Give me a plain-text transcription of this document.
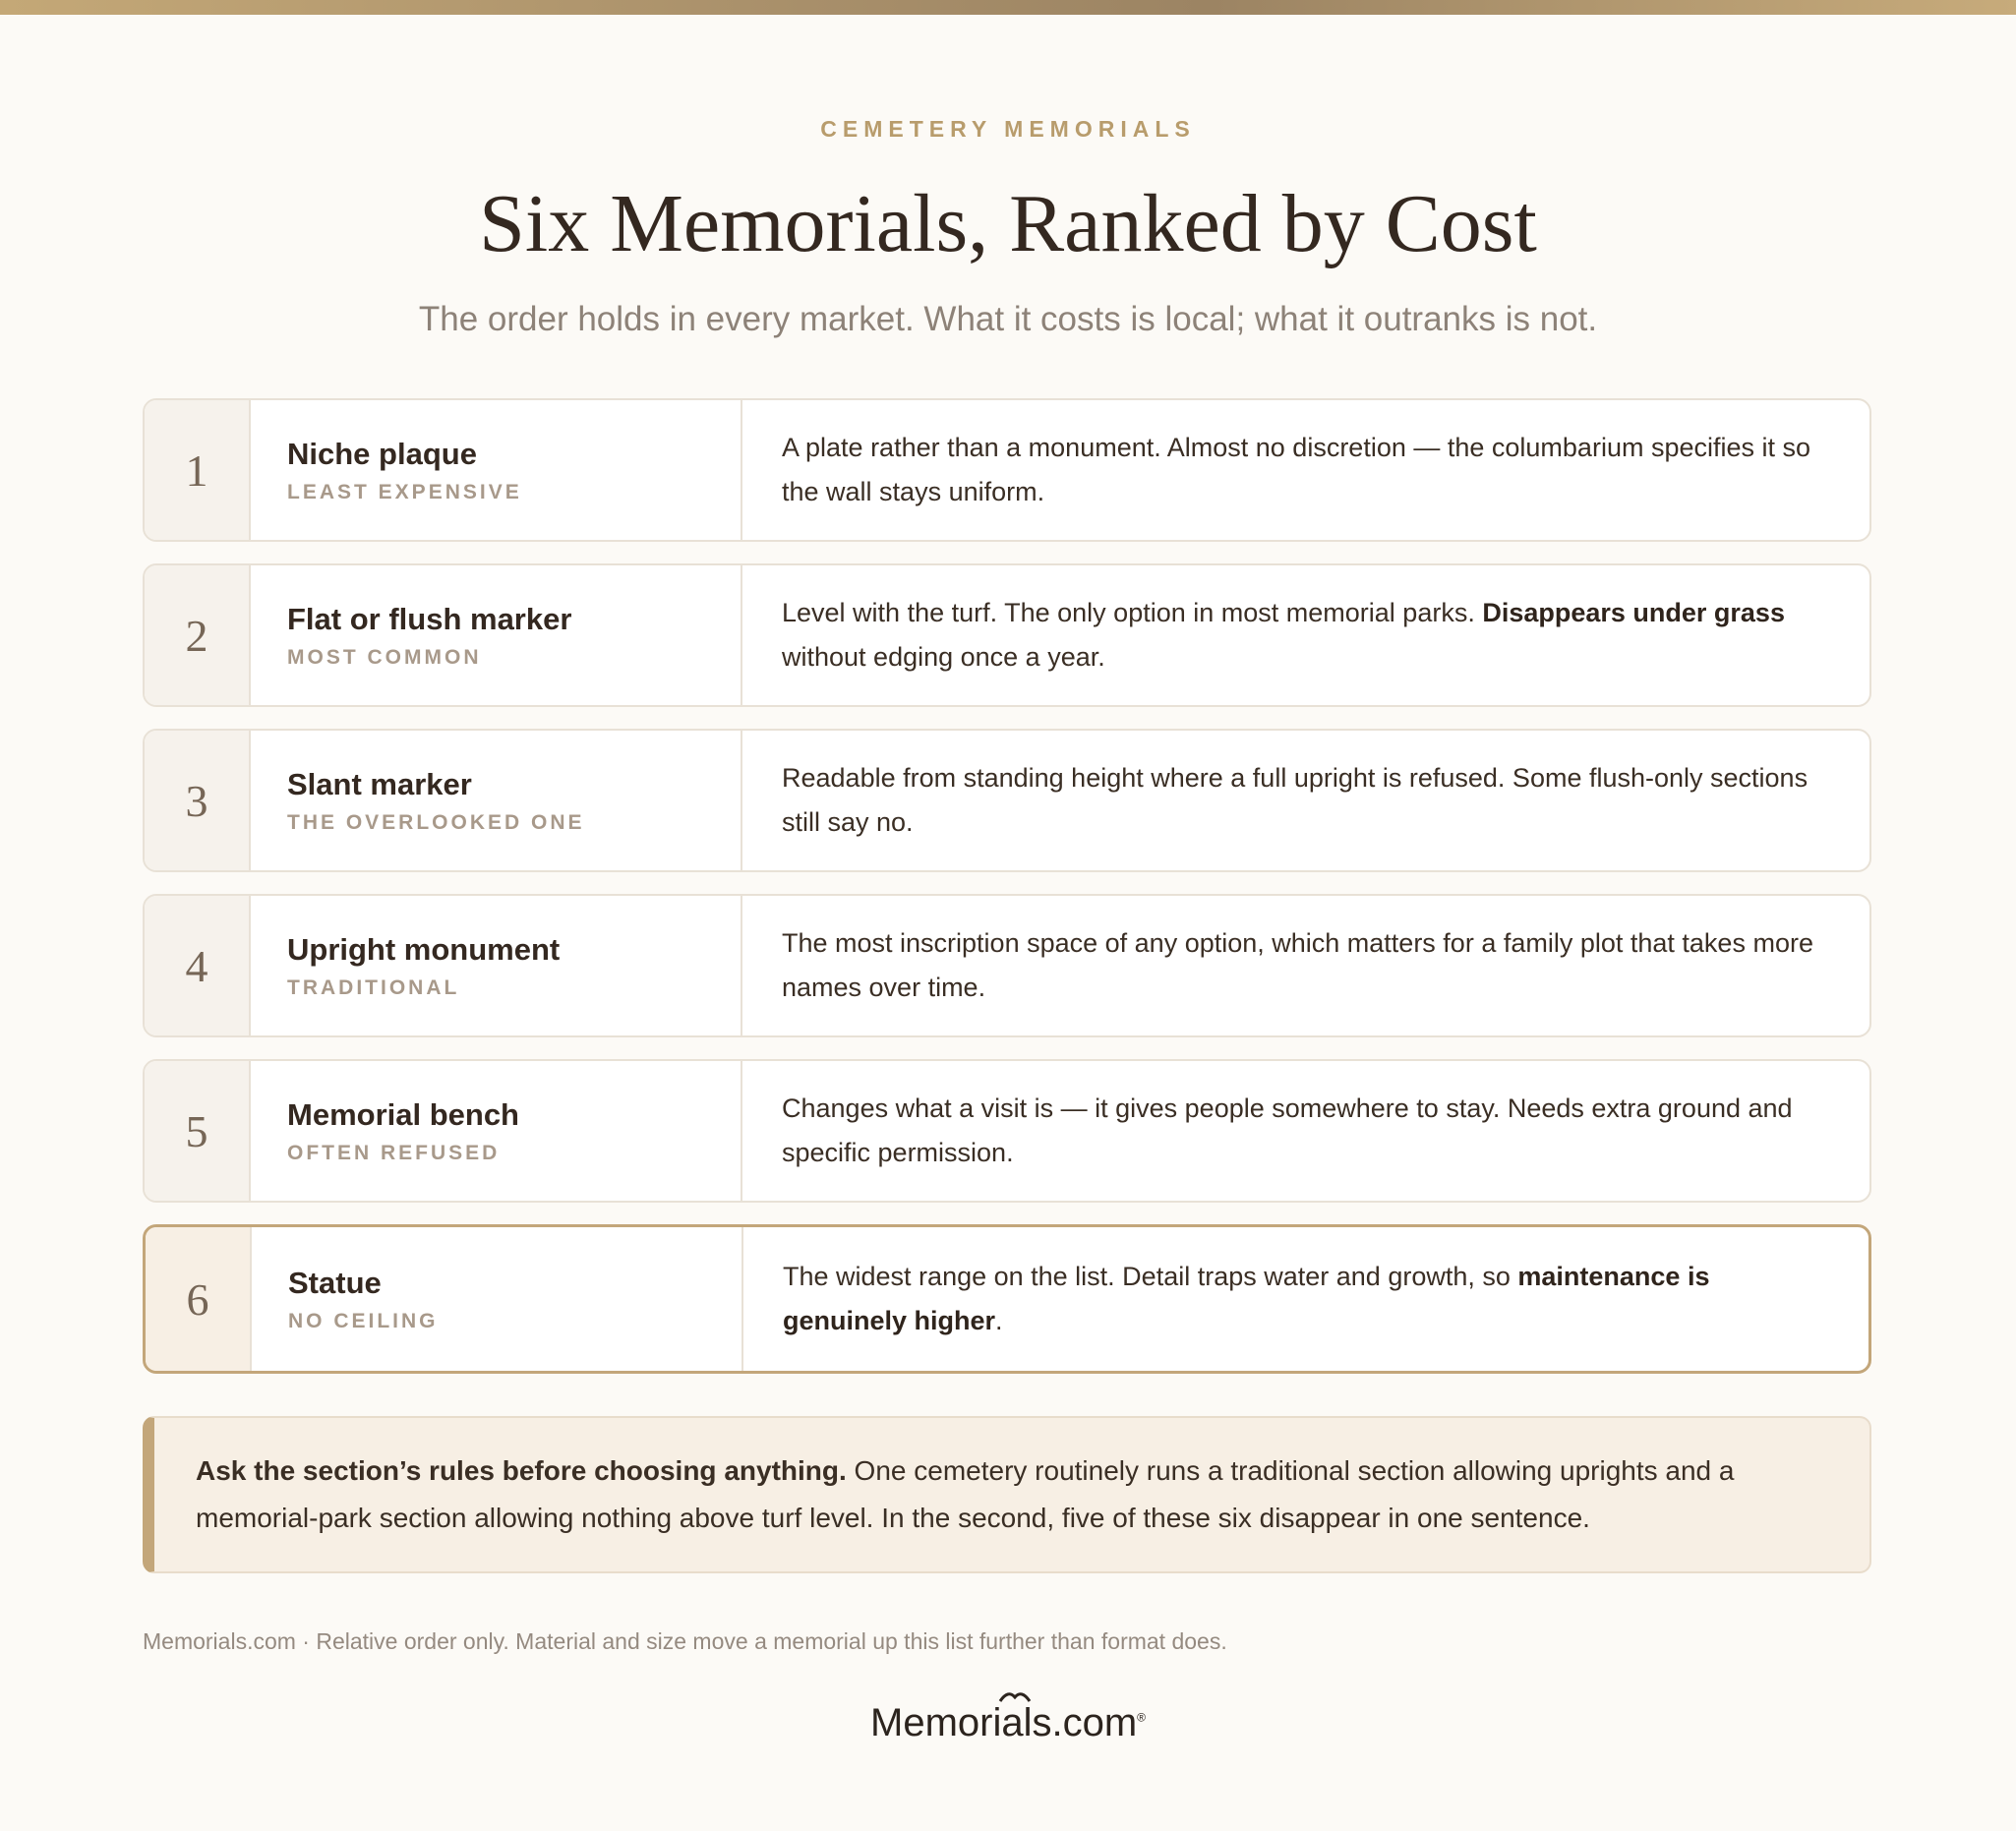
CEMETERY MEMORIALS
Six Memorials, Ranked by Cost
The order holds in every market. What it costs is local; what it outranks is not.
1	Niche plaque
LEAST EXPENSIVE
A plate rather than a monument. Almost no discretion — the columbarium specifies it so the wall stays uniform.
2	Flat or flush marker
MOST COMMON
Level with the turf. The only option in most memorial parks. Disappears under grass without edging once a year.
3	Slant marker
THE OVERLOOKED ONE
Readable from standing height where a full upright is refused. Some flush-only sections still say no.
4	Upright monument
TRADITIONAL
The most inscription space of any option, which matters for a family plot that takes more names over time.
5	Memorial bench
OFTEN REFUSED
Changes what a visit is — it gives people somewhere to stay. Needs extra ground and specific permission.
6	Statue
NO CEILING
The widest range on the list. Detail traps water and growth, so maintenance is genuinely higher.
Ask the section’s rules before choosing anything. One cemetery routinely runs a traditional section allowing uprights and a memorial-park section allowing nothing above turf level. In the second, five of these six disappear in one sentence.
Memorials.com · Relative order only. Material and size move a memorial up this list further than format does.
Memorials.com®
